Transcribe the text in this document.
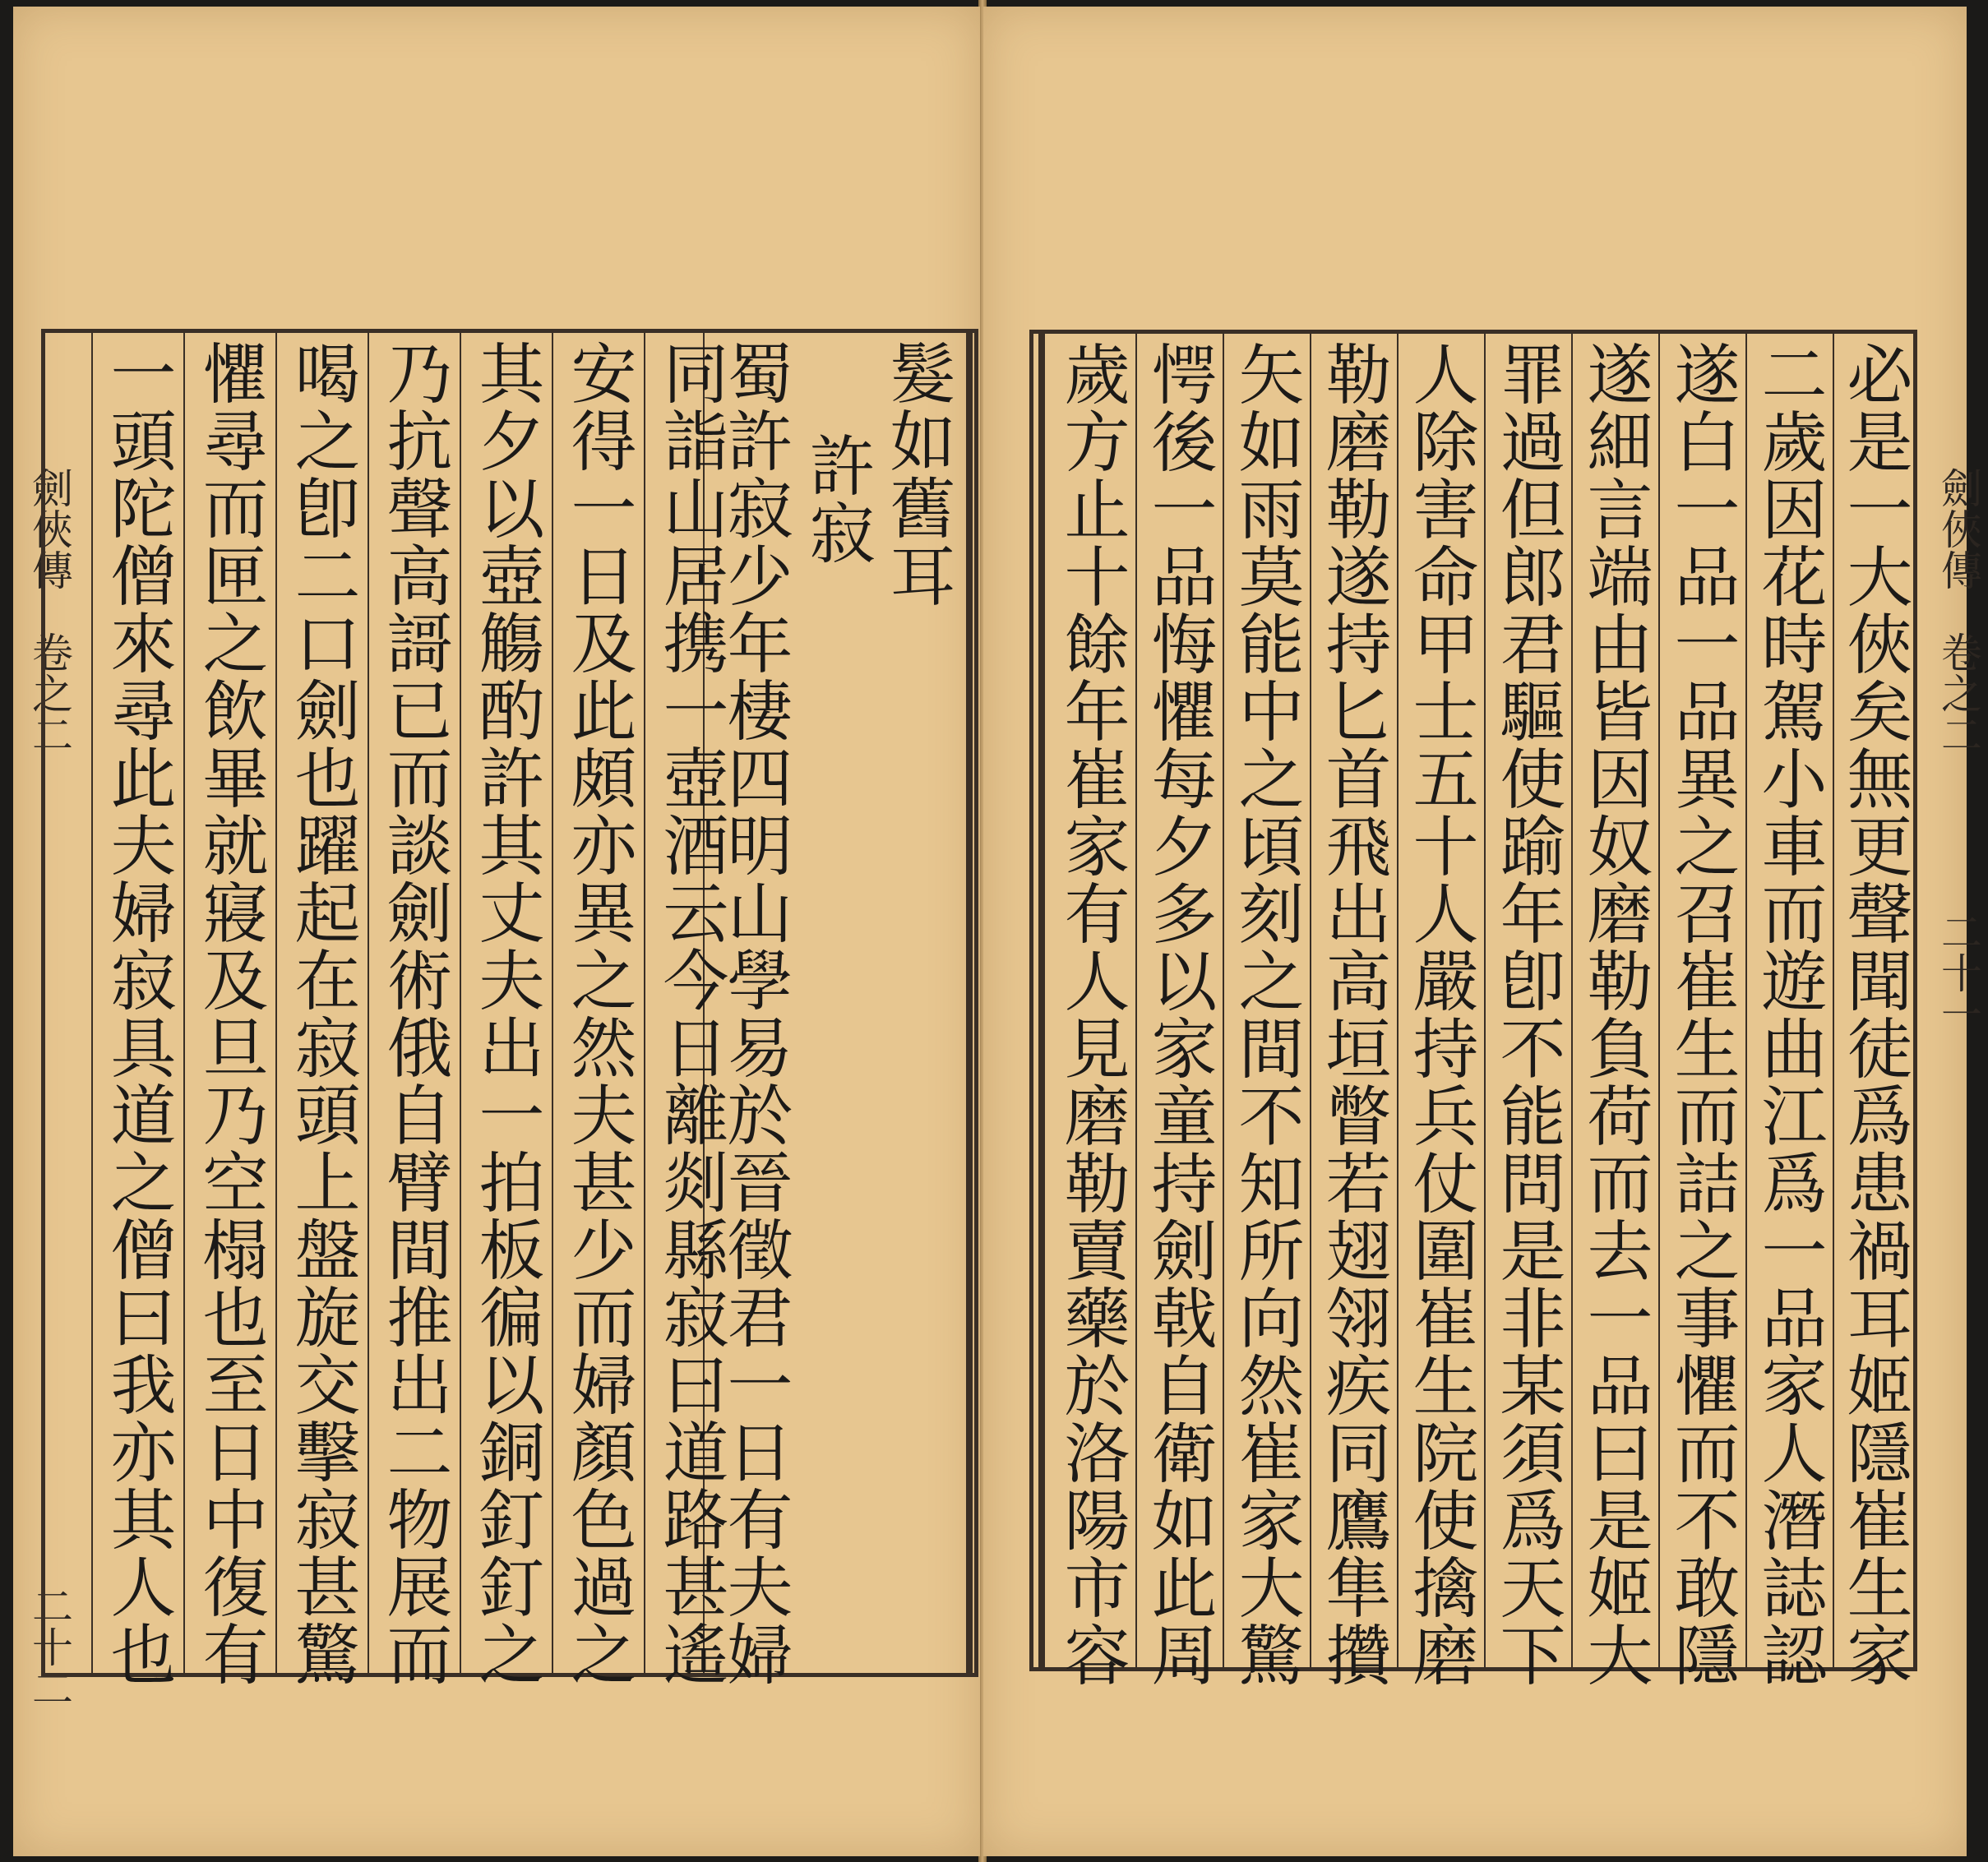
劍俠傳
卷之二
二十二
髮如舊耳
許寂
蜀許寂少年棲四明山學易於晉徵君一日有夫婦
同詣山居携一壺酒云今日離剡縣寂曰道路甚遙
安得一日及此頗亦異之然夫甚少而婦顏色過之
其夕以壺觴酌許其丈夫出一拍板徧以銅釘釘之
乃抗聲高謌已而談劍術俄自臂間推出二物展而
喝之卽二口劍也躍起在寂頭上盤旋交擊寂甚驚
懼尋而匣之飲畢就寢及旦乃空榻也至日中復有
一頭陀僧來尋此夫婦寂具道之僧曰我亦其人也	劍俠傳
卷之二
二十一
必是一大俠矣無更聲聞徒爲患禍耳姬隱崔生家
二歲因花時駕小車而遊曲江爲一品家人潛誌認
遂白一品一品異之召崔生而詰之事懼而不敢隱
遂細言端由皆因奴磨勒負荷而去一品曰是姬大
罪過但郎君驅使踰年卽不能問是非某須爲天下
人除害命甲士五十人嚴持兵仗圍崔生院使擒磨
勒磨勒遂持匕首飛出高垣瞥若翅翎疾同鷹隼攢
矢如雨莫能中之頃刻之間不知所向然崔家大驚
愕後一品悔懼每夕多以家童持劍戟自衛如此周
歲方止十餘年崔家有人見磨勒賣藥於洛陽市容
